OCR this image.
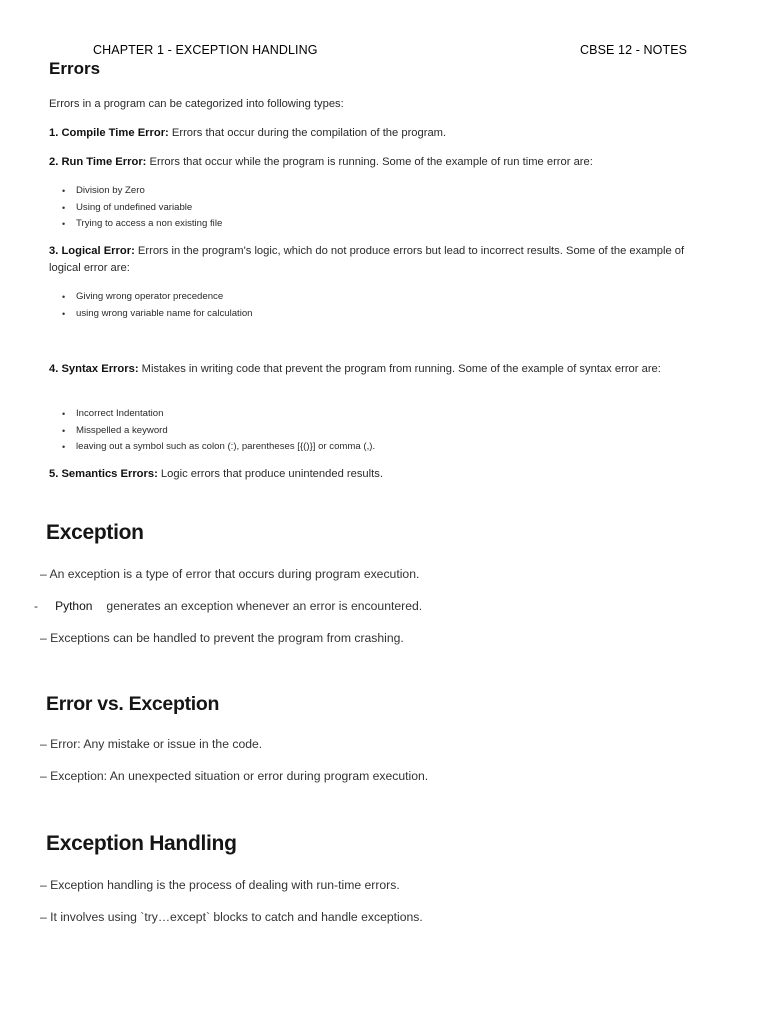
CHAPTER 1 - EXCEPTION HANDLING	CBSE 12 - NOTES
Errors

Errors in a program can be categorized into following types:

1. Compile Time Error: Errors that occur during the compilation of the program.

2. Run Time Error: Errors that occur while the program is running. Some of the example of run time error are:

• Division by Zero
• Using of undefined variable
• Trying to access a non existing file

3. Logical Error: Errors in the program's logic, which do not produce errors but lead to incorrect results. Some of the example of logical error are:

• Giving wrong operator precedence
• using wrong variable name for calculation

4. Syntax Errors: Mistakes in writing code that prevent the program from running. Some of the example of syntax error are:

• Incorrect Indentation
• Misspelled a keyword
• leaving out a symbol such as colon (:), parentheses [{()}] or comma (,).

5. Semantics Errors: Logic errors that produce unintended results.

Exception
– An exception is a type of error that occurs during program execution.
- Python generates an exception whenever an error is encountered.
– Exceptions can be handled to prevent the program from crashing.
Error vs. Exception
– Error: Any mistake or issue in the code.
– Exception: An unexpected situation or error during program execution.
Exception Handling
– Exception handling is the process of dealing with run-time errors.
– It involves using `try…except` blocks to catch and handle exceptions.
